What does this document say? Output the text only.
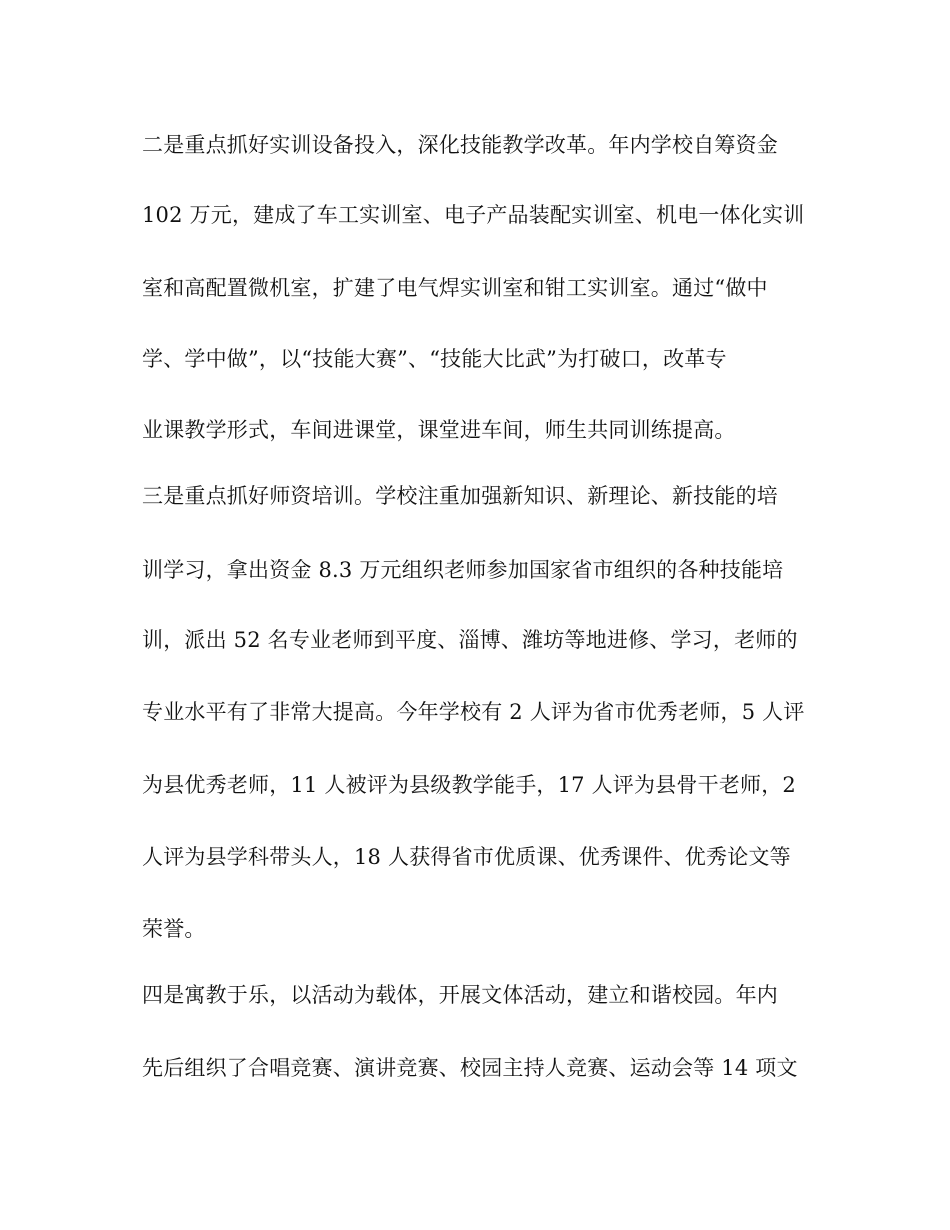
二是重点抓好实训设备投入，深化技能教学改革。年内学校自筹资金
102 万元，建成了车工实训室、电子产品装配实训室、机电一体化实训
室和高配置微机室，扩建了电气焊实训室和钳工实训室。通过“做中
学、学中做”，以“技能大赛”、“技能大比武”为打破口，改革专
业课教学形式，车间进课堂，课堂进车间，师生共同训练提高。
三是重点抓好师资培训。学校注重加强新知识、新理论、新技能的培
训学习，拿出资金 8.3 万元组织老师参加国家省市组织的各种技能培
训，派出 52 名专业老师到平度、淄博、潍坊等地进修、学习，老师的
专业水平有了非常大提高。今年学校有 2 人评为省市优秀老师，5 人评
为县优秀老师，11 人被评为县级教学能手，17 人评为县骨干老师，2
人评为县学科带头人，18 人获得省市优质课、优秀课件、优秀论文等
荣誉。
四是寓教于乐，以活动为载体，开展文体活动，建立和谐校园。年内
先后组织了合唱竞赛、演讲竞赛、校园主持人竞赛、运动会等 14 项文
